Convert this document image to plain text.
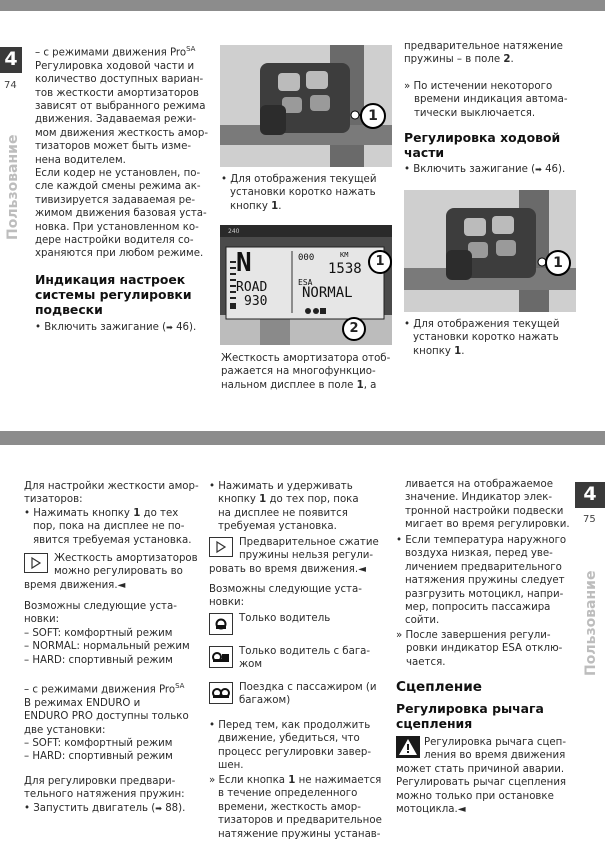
4
74
Пользование
– с режимами движения Pro$^{SA}$
Регулировка ходовой части и
количество доступных вариан-
тов жесткости амортизаторов
зависят от выбранного режима
движения. Задаваемая режи-
мом движения жесткость амор-
тизаторов может быть изме-
нена водителем.
Если кодер не установлен, по-
сле каждой смены режима ак-
тивизируется задаваемая ре-
жимом движения базовая уста-
новка. При установленном ко-
дере настройки водителя со-
храняются при любом режиме.
Индикация настроек
системы регулировки
подвески
• Включить зажигание (➡ 46).
1
• Для отображения текущей
установки коротко нажать
кнопку 1.
N
ROAD
930
000	KM
1538
ESA
NORMAL
240
1
2
Жесткость амортизатора отоб-
ражается на многофункцио-
нальном дисплее в поле 1, а
предварительное натяжение
пружины – в поле 2.
» По истечении некоторого
времени индикация автома-
тически выключается.
Регулировка ходовой
части
• Включить зажигание (➡ 46).
1
• Для отображения текущей
установки коротко нажать
кнопку 1.
4
75
Пользование
Для настройки жесткости амор-
тизаторов:
• Нажимать кнопку 1 до тех
пор, пока на дисплее не по-
явится требуемая установка.
Жесткость амортизаторов
можно регулировать во
время движения.◄
Возможны следующие уста-
новки:
– SOFT: комфортный режим
– NORMAL: нормальный режим
– HARD: спортивный режим
– с режимами движения Pro$^{SA}$
В режимах ENDURO и
ENDURO PRO доступны только
две установки:
– SOFT: комфортный режим
– HARD: спортивный режим
Для регулировки предвари-
тельного натяжения пружин:
• Запустить двигатель (➡ 88).
• Нажимать и удерживать
кнопку 1 до тех пор, пока
на дисплее не появится
требуемая установка.
Предварительное сжатие
пружины нельзя регули-
ровать во время движения.◄
Возможны следующие уста-
новки:
Только водитель
Только водитель с бага-
жом
Поездка с пассажиром (и
багажом)
• Перед тем, как продолжить
движение, убедиться, что
процесс регулировки завер-
шен.
» Если кнопка 1 не нажимается
в течение определенного
времени, жесткость амор-
тизаторов и предварительное
натяжение пружины устанав-
ливается на отображаемое
значение. Индикатор элек-
тронной настройки подвески
мигает во время регулировки.
• Если температура наружного
воздуха низкая, перед уве-
личением предварительного
натяжения пружины следует
разгрузить мотоцикл, напри-
мер, попросить пассажира
сойти.
» После завершения регули-
ровки индикатор ESA отклю-
чается.
Сцепление
Регулировка рычага
сцепления
Регулировка рычага сцеп-
ления во время движения
может стать причиной аварии.
Регулировать рычаг сцепления
можно только при остановке
мотоцикла.◄
